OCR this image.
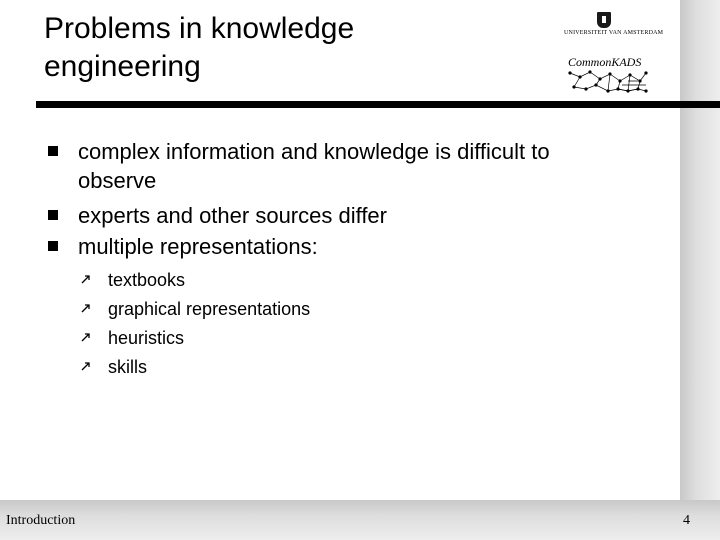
Problems in knowledge
engineering
UNIVERSITEIT VAN AMSTERDAM
CommonKADS
complex information and knowledge is difficult to
observe
experts and other sources differ
multiple representations:
textbooks
graphical representations
heuristics
skills
Introduction	4
